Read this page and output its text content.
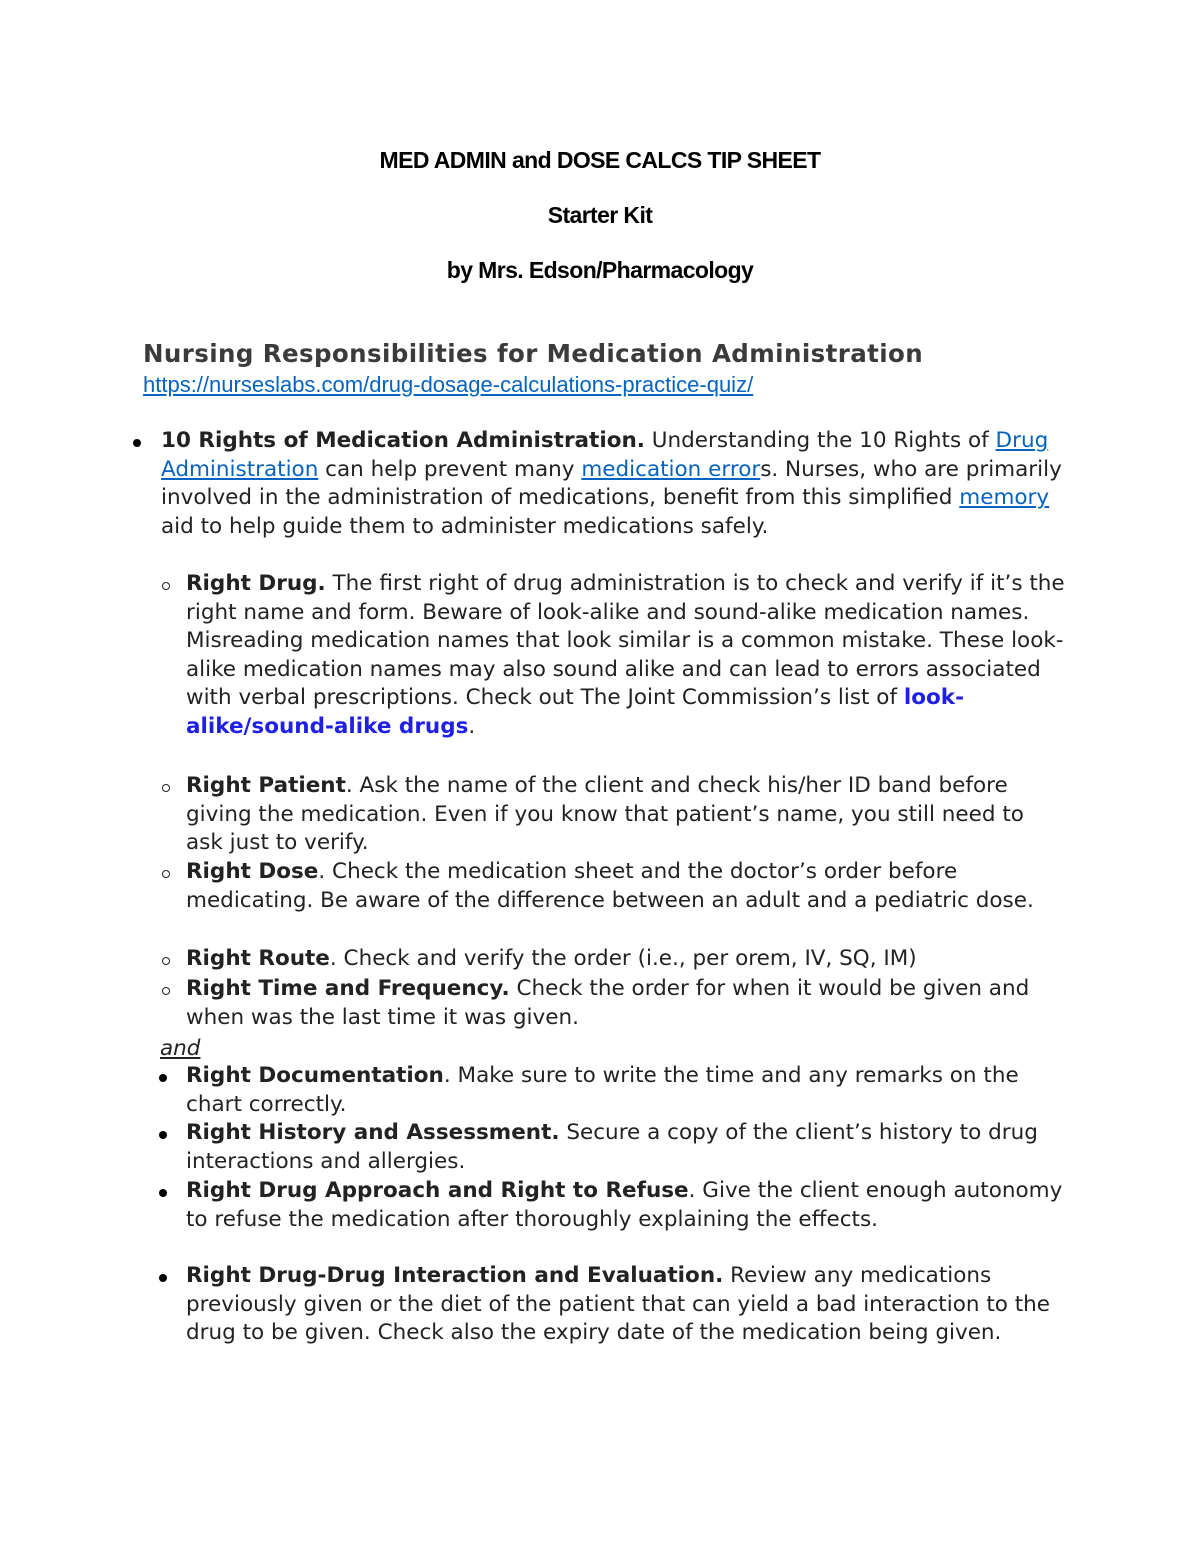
MED ADMIN and DOSE CALCS TIP SHEET
Starter Kit
by Mrs. Edson/Pharmacology
Nursing Responsibilities for Medication Administration
https://nurseslabs.com/drug-dosage-calculations-practice-quiz/
10 Rights of Medication Administration. Understanding the 10 Rights of Drug Administration can help prevent many medication errors. Nurses, who are primarily involved in the administration of medications, benefit from this simplified memory aid to help guide them to administer medications safely.
Right Drug. The first right of drug administration is to check and verify if it’s the right name and form. Beware of look-alike and sound-alike medication names. Misreading medication names that look similar is a common mistake. These look-alike medication names may also sound alike and can lead to errors associated with verbal prescriptions. Check out The Joint Commission’s list of look-alike/sound-alike drugs.
Right Patient. Ask the name of the client and check his/her ID band before giving the medication. Even if you know that patient’s name, you still need to ask just to verify.
Right Dose. Check the medication sheet and the doctor’s order before medicating. Be aware of the difference between an adult and a pediatric dose.
Right Route. Check and verify the order (i.e., per orem, IV, SQ, IM)
Right Time and Frequency. Check the order for when it would be given and when was the last time it was given.
and
Right Documentation. Make sure to write the time and any remarks on the chart correctly.
Right History and Assessment. Secure a copy of the client’s history to drug interactions and allergies.
Right Drug Approach and Right to Refuse. Give the client enough autonomy to refuse the medication after thoroughly explaining the effects.
Right Drug-Drug Interaction and Evaluation. Review any medications previously given or the diet of the patient that can yield a bad interaction to the drug to be given. Check also the expiry date of the medication being given.
